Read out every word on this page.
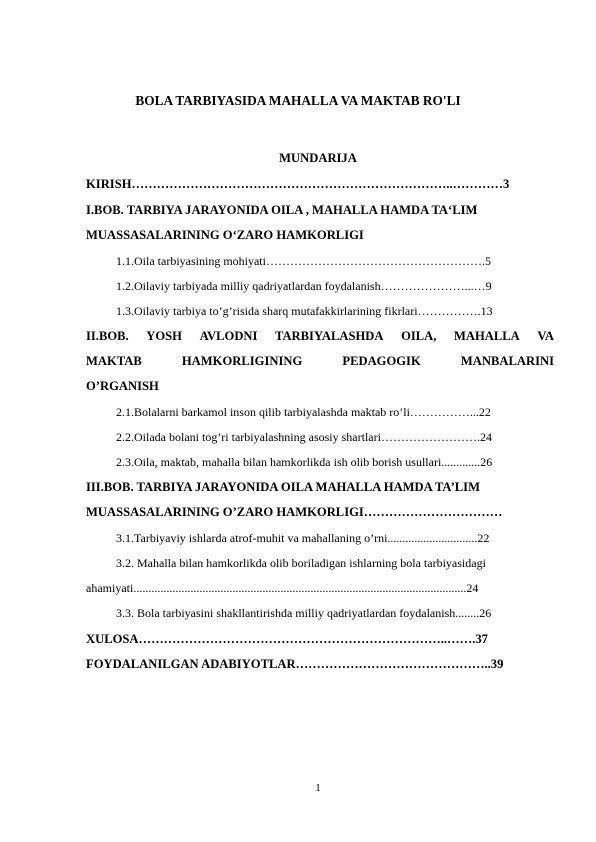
BOLA TARBIYASIDA MAHALLA VA MAKTAB RO'LI
MUNDARIJA
KIRISH…………………………………………………………………..…………3
I.BOB. TARBIYA JARAYONIDA OILA , MAHALLA HAMDA TA‘LIM
MUASSASALARINING O‘ZARO HAMKORLIGI
1.1.Oila tarbiyasining mohiyati……………………………………………….5
1.2.Oilaviy tarbiyada milliy qadriyatlardan foydalanish…………………...…9
1.3.Oilaviy tarbiya to’g’risida sharq mutafakkirlarining fikrlari…………….13
II.BOB. YOSH AVLODNI TARBIYALASHDA OILA, MAHALLA VA
MAKTAB	HAMKORLIGINING	PEDAGOGIK	MANBALARINI
O’RGANISH
2.1.Bolalarni barkamol inson qilib tarbiyalashda maktab ro’li……………...22
2.2.Oilada bolani tog’ri tarbiyalashning asosiy shartlari…………………….24
2.3.Oila, maktab, mahalla bilan hamkorlikda ish olib borish usullari.............26
III.BOB. TARBIYA JARAYONIDA OILA MAHALLA HAMDA TA’LIM
MUASSASALARINING O’ZARO HAMKORLIGI……………………………
3.1.Tarbiyaviy ishlarda atrof-muhit va mahallaning o’rni..............................22
3.2. Mahalla bilan hamkorlikda olib boriladigan ishlarning bola tarbiyasidagi
ahamiyati...............................................................................................................24
3.3. Bola tarbiyasini shakllantirishda milliy qadriyatlardan foydalanish........26
XULOSA………………………………………………………………..…….37
FOYDALANILGAN ADABIYOTLAR………………………………………..39
1
